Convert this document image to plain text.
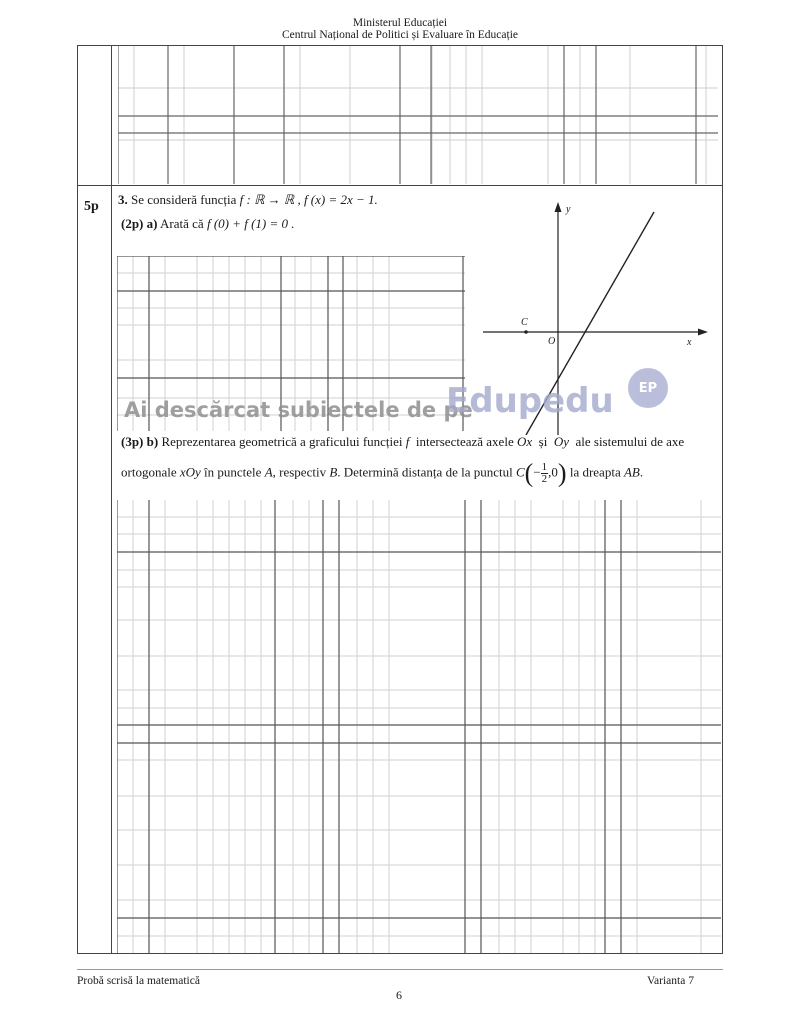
Ministerul Educației
Centrul Național de Politici și Evaluare în Educație
5p 3. Se consideră funcția f : ℝ → ℝ , f (x) = 2x − 1.
(2p) a) Arată că f (0) + f (1) = 0 .
y
x
O
C
Ai descărcat subiectele de pe
Edupedu EP
(3p) b) Reprezentarea geometrică a graficului funcției f intersectează axele Ox și Oy ale sistemului de axe
ortogonale xOy în punctele A, respectiv B. Determină distanța de la punctul $C(- \frac{1}{2} ,0)$ la dreapta AB.
Probă scrisă la matematică	Varianta 7
6
